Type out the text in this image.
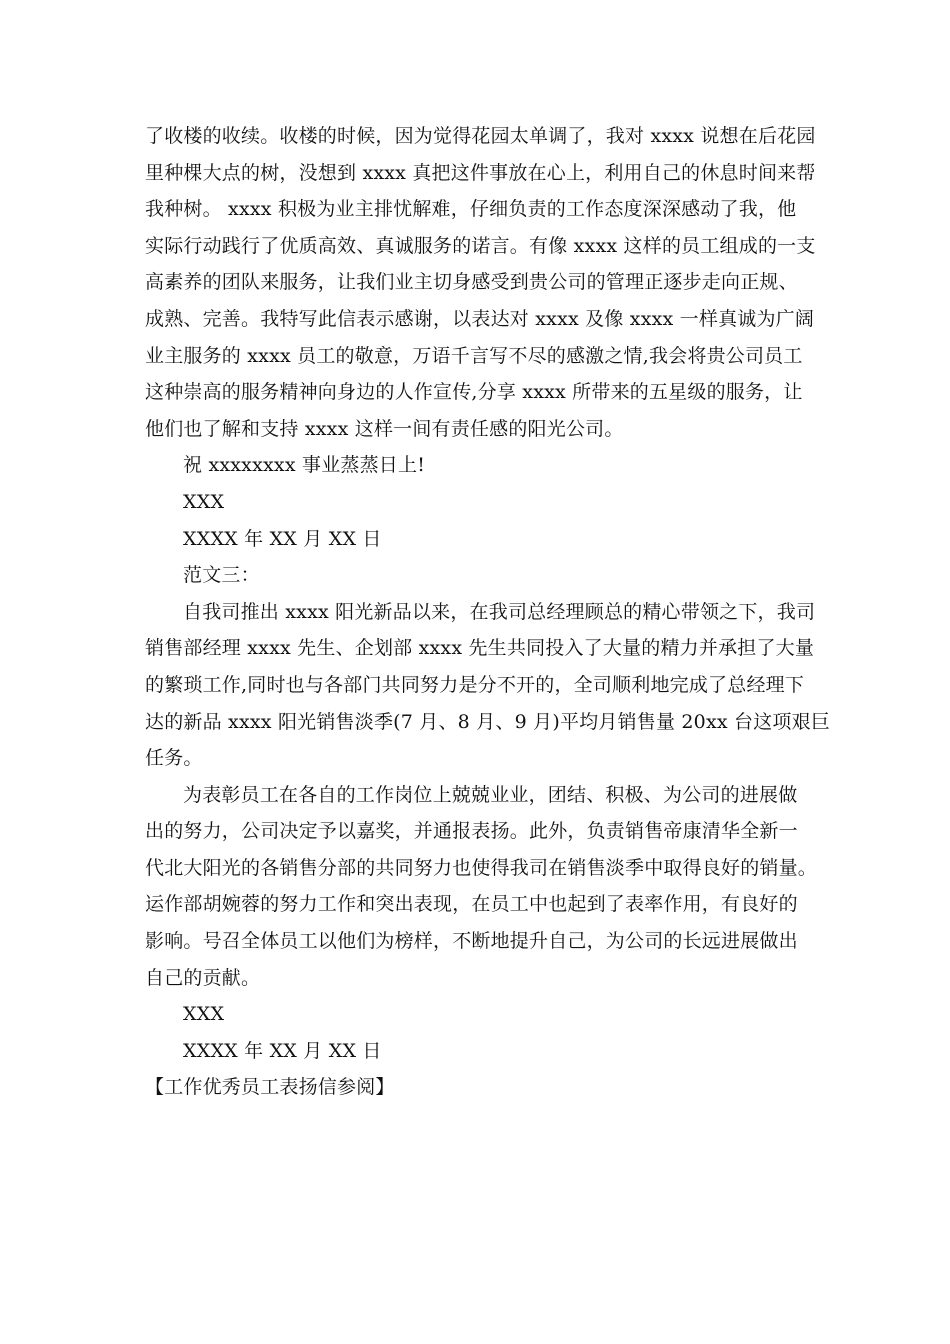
了收楼的收续。收楼的时候，因为觉得花园太单调了，我对 xxxx 说想在后花园
里种棵大点的树，没想到 xxxx 真把这件事放在心上，利用自己的休息时间来帮
我种树。 xxxx 积极为业主排忧解难，仔细负责的工作态度深深感动了我，他
实际行动践行了优质高效、真诚服务的诺言。有像 xxxx 这样的员工组成的一支
高素养的团队来服务，让我们业主切身感受到贵公司的管理正逐步走向正规、
成熟、完善。我特写此信表示感谢，以表达对 xxxx 及像 xxxx 一样真诚为广阔
业主服务的 xxxx 员工的敬意，万语千言写不尽的感激之情,我会将贵公司员工
这种崇高的服务精神向身边的人作宣传,分享 xxxx 所带来的五星级的服务，让
他们也了解和支持 xxxx 这样一间有责任感的阳光公司。
祝 xxxxxxxx 事业蒸蒸日上!
XXX
XXXX 年 XX 月 XX 日
范文三：
自我司推出 xxxx 阳光新品以来，在我司总经理顾总的精心带领之下，我司
销售部经理 xxxx 先生、企划部 xxxx 先生共同投入了大量的精力并承担了大量
的繁琐工作,同时也与各部门共同努力是分不开的，全司顺利地完成了总经理下
达的新品 xxxx 阳光销售淡季(7 月、8 月、9 月)平均月销售量 20xx 台这项艰巨
任务。
为表彰员工在各自的工作岗位上兢兢业业，团结、积极、为公司的进展做
出的努力，公司决定予以嘉奖，并通报表扬。此外，负责销售帝康清华全新一
代北大阳光的各销售分部的共同努力也使得我司在销售淡季中取得良好的销量。
运作部胡婉蓉的努力工作和突出表现，在员工中也起到了表率作用，有良好的
影响。号召全体员工以他们为榜样，不断地提升自己，为公司的长远进展做出
自己的贡献。
XXX
XXXX 年 XX 月 XX 日
【工作优秀员工表扬信参阅】
